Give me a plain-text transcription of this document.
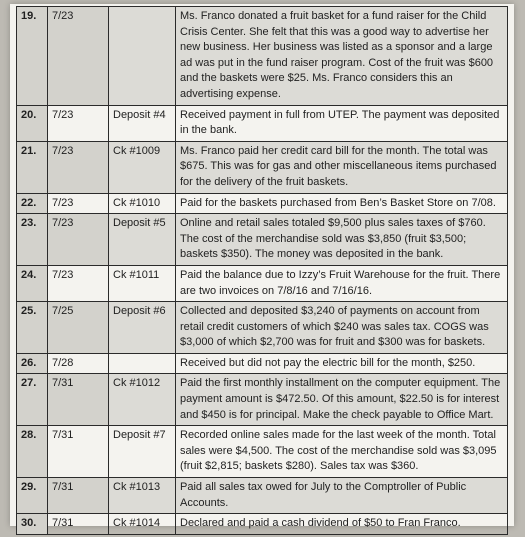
19.	7/23		Ms. Franco donated a fruit basket for a fund raiser for the Child Crisis Center. She felt that this was a good way to advertise her new business. Her business was listed as a sponsor and a large ad was put in the fund raiser program. Cost of the fruit was $600 and the baskets were $25. Ms. Franco considers this an advertising expense.
20.	7/23	Deposit #4	Received payment in full from UTEP. The payment was deposited in the bank.
21.	7/23	Ck #1009	Ms. Franco paid her credit card bill for the month. The total was $675. This was for gas and other miscellaneous items purchased for the delivery of the fruit baskets.
22.	7/23	Ck #1010	Paid for the baskets purchased from Ben’s Basket Store on 7/08.
23.	7/23	Deposit #5	Online and retail sales totaled $9,500 plus sales taxes of $760. The cost of the merchandise sold was $3,850 (fruit $3,500; baskets $350). The money was deposited in the bank.
24.	7/23	Ck #1011	Paid the balance due to Izzy’s Fruit Warehouse for the fruit. There are two invoices on 7/8/16 and 7/16/16.
25.	7/25	Deposit #6	Collected and deposited $3,240 of payments on account from retail credit customers of which $240 was sales tax. COGS was $3,000 of which $2,700 was for fruit and $300 was for baskets.
26.	7/28		Received but did not pay the electric bill for the month, $250.
27.	7/31	Ck #1012	Paid the first monthly installment on the computer equipment. The payment amount is $472.50. Of this amount, $22.50 is for interest and $450 is for principal. Make the check payable to Office Mart.
28.	7/31	Deposit #7	Recorded online sales made for the last week of the month. Total sales were $4,500. The cost of the merchandise sold was $3,095 (fruit $2,815; baskets $280). Sales tax was $360.
29.	7/31	Ck #1013	Paid all sales tax owed for July to the Comptroller of Public Accounts.
30.	7/31	Ck #1014	Declared and paid a cash dividend of $50 to Fran Franco.
